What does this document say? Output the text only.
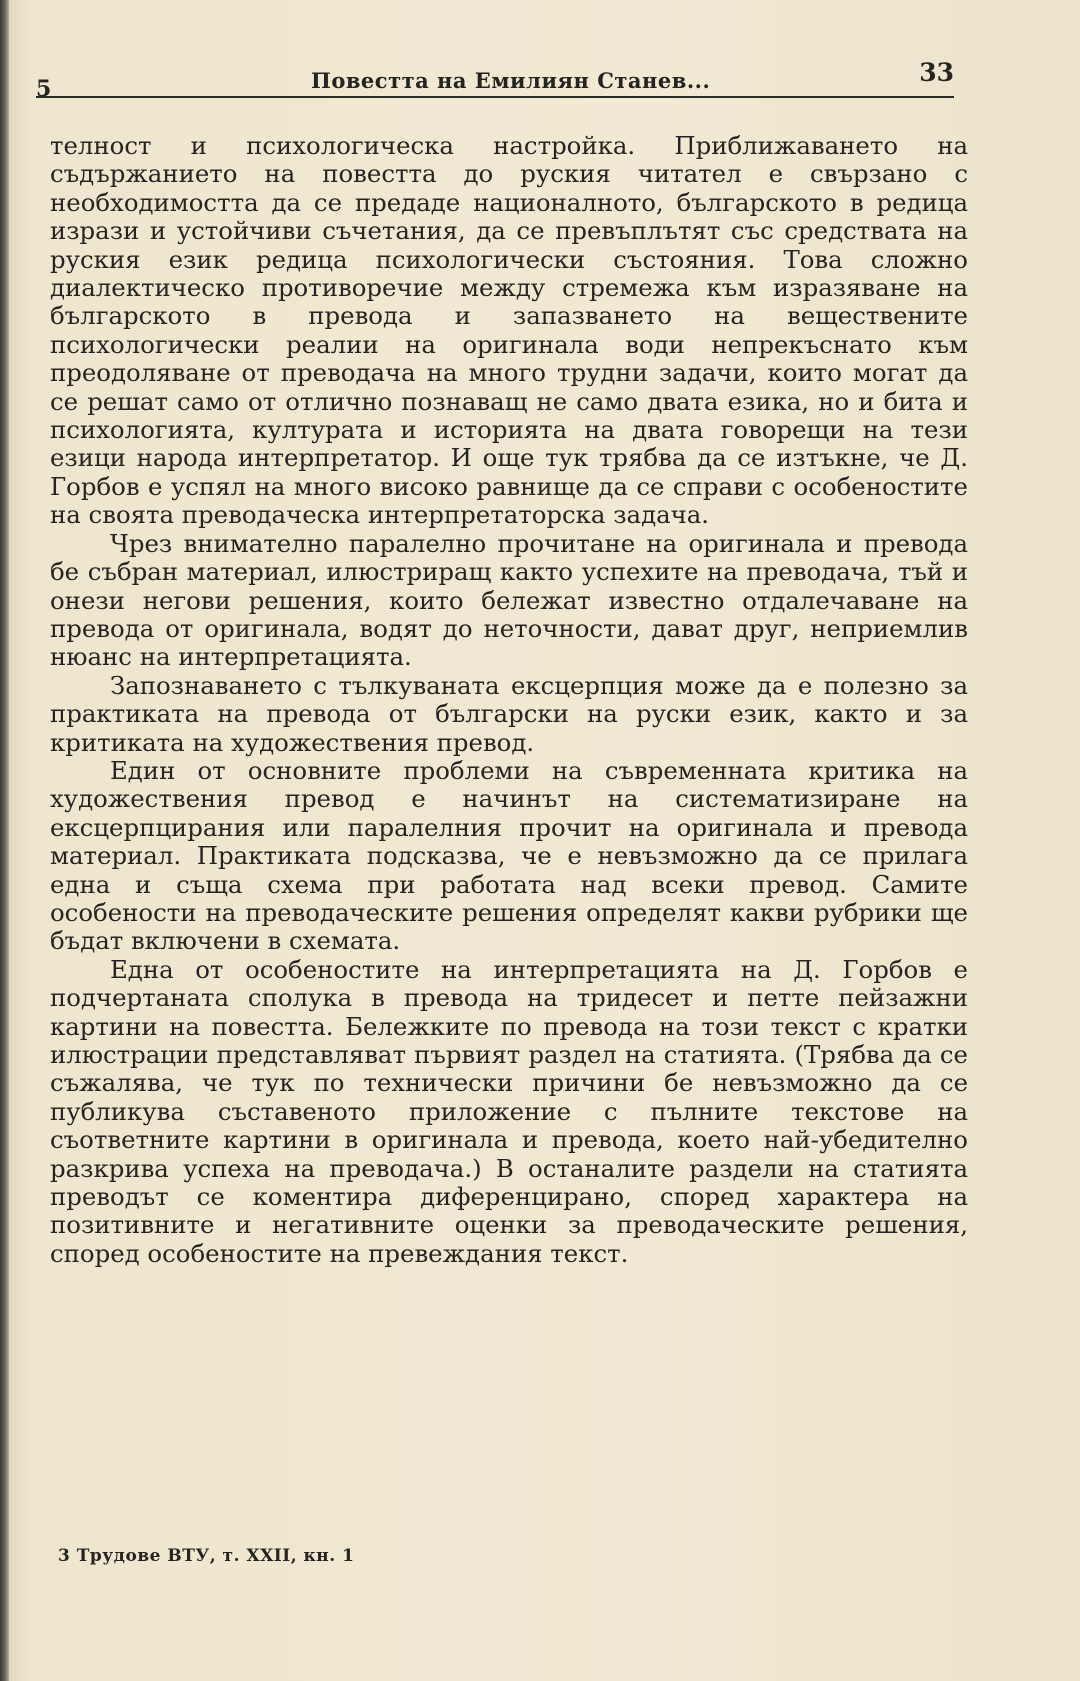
5	Повестта на Емилиян Станев...	33

телност и психологическа настройка. Приближаването на съдържанието на повестта до руския читател е свързано с необходимостта да се предаде националното, българското в редица изрази и устойчиви съчетания, да се превъплътят със средствата на руския език редица психологически състояния. Това сложно диалектическо противоречие между стремежа към изразяване на българското в превода и запазването на веществените психологически реалии на оригинала води непрекъснато към преодоляване от преводача на много трудни задачи, които могат да се решат само от отлично познаващ не само двата езика, но и бита и психологията, културата и историята на двата говорещи на тези езици народа интерпретатор. И още тук трябва да се изтъкне, че Д. Горбов е успял на много високо равнище да се справи с особеностите на своята преводаческа интерпретаторска задача.

Чрез внимателно паралелно прочитане на оригинала и превода бе събран материал, илюстриращ както успехите на преводача, тъй и онези негови решения, които бележат известно отдалечаване на превода от оригинала, водят до неточности, дават друг, неприемлив нюанс на интерпретацията.

Запознаването с тълкуваната ексцерпция може да е полезно за практиката на превода от български на руски език, както и за критиката на художествения превод.

Един от основните проблеми на съвременната критика на художествения превод е начинът на систематизиране на ексцерпцирания или паралелния прочит на оригинала и превода материал. Практиката подсказва, че е невъзможно да се прилага една и съща схема при работата над всеки превод. Самите особености на преводаческите решения определят какви рубрики ще бъдат включени в схемата.

Една от особеностите на интерпретацията на Д. Горбов е подчертаната сполука в превода на тридесет и петте пейзажни картини на повестта. Бележките по превода на този текст с кратки илюстрации представляват първият раздел на статията. (Трябва да се съжалява, че тук по технически причини бе невъзможно да се публикува съставеното приложение с пълните текстове на съответните картини в оригинала и превода, което най-убедително разкрива успеха на преводача.) В останалите раздели на статията преводът се коментира диференцирано, според характера на позитивните и негативните оценки за преводаческите решения, според особеностите на превеждания текст.

3 Трудове ВТУ, т. XXII, кн. 1
